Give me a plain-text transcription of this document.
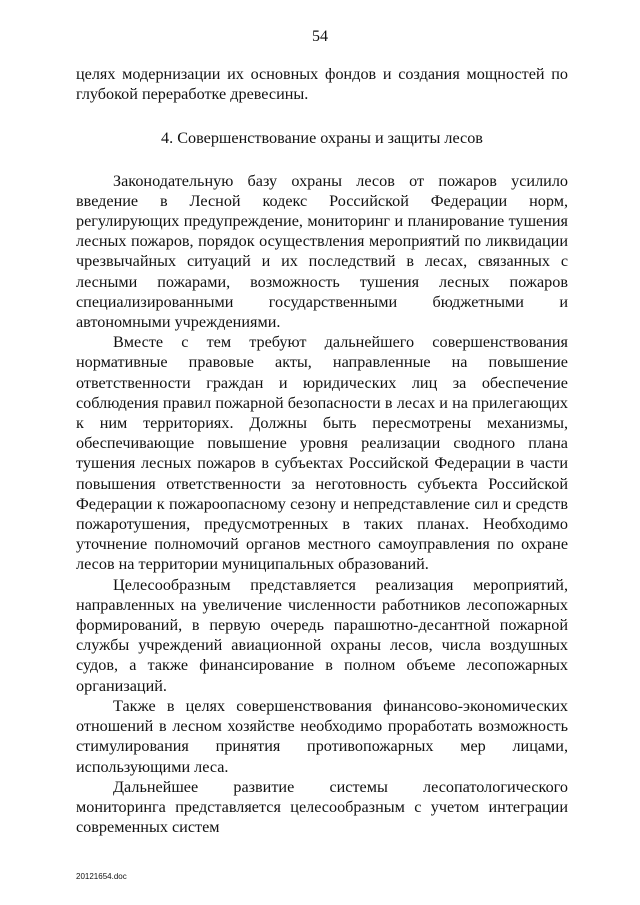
54

целях модернизации их основных фондов и создания мощностей по глубокой переработке древесины.

4. Совершенствование охраны и защиты лесов

Законодательную базу охраны лесов от пожаров усилило введение в Лесной кодекс Российской Федерации норм, регулирующих предупреждение, мониторинг и планирование тушения лесных пожаров, порядок осуществления мероприятий по ликвидации чрезвычайных ситуаций и их последствий в лесах, связанных с лесными пожарами, возможность тушения лесных пожаров специализированными государственными бюджетными и автономными учреждениями.

Вместе с тем требуют дальнейшего совершенствования нормативные правовые акты, направленные на повышение ответственности граждан и юридических лиц за обеспечение соблюдения правил пожарной безопасности в лесах и на прилегающих к ним территориях. Должны быть пересмотрены механизмы, обеспечивающие повышение уровня реализации сводного плана тушения лесных пожаров в субъектах Российской Федерации в части повышения ответственности за неготовность субъекта Российской Федерации к пожароопасному сезону и непредставление сил и средств пожаротушения, предусмотренных в таких планах. Необходимо уточнение полномочий органов местного самоуправления по охране лесов на территории муниципальных образований.

Целесообразным представляется реализация мероприятий, направленных на увеличение численности работников лесопожарных формирований, в первую очередь парашютно-десантной пожарной службы учреждений авиационной охраны лесов, числа воздушных судов, а также финансирование в полном объеме лесопожарных организаций.

Также в целях совершенствования финансово-экономических отношений в лесном хозяйстве необходимо проработать возможность стимулирования принятия противопожарных мер лицами, использующими леса.

Дальнейшее развитие системы лесопатологического мониторинга представляется целесообразным с учетом интеграции современных систем

20121654.doc
